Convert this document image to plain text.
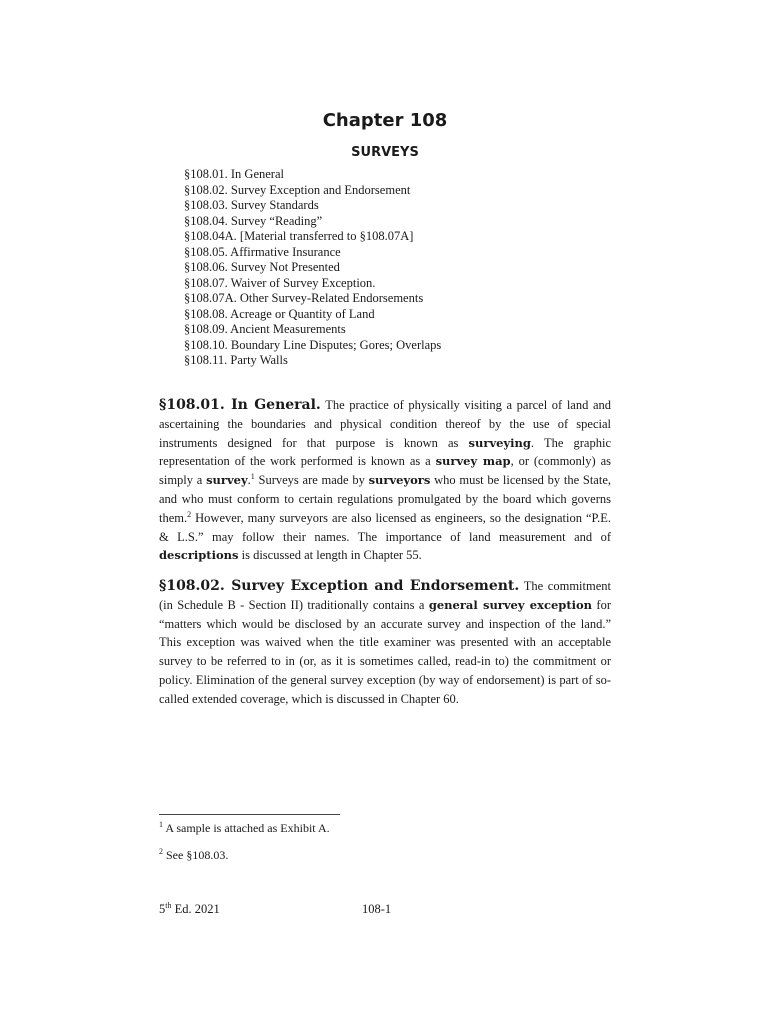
Chapter 108
SURVEYS
§108.01. In General
§108.02. Survey Exception and Endorsement
§108.03. Survey Standards
§108.04. Survey “Reading”
§108.04A. [Material transferred to §108.07A]
§108.05. Affirmative Insurance
§108.06. Survey Not Presented
§108.07. Waiver of Survey Exception.
§108.07A. Other Survey-Related Endorsements
§108.08. Acreage or Quantity of Land
§108.09. Ancient Measurements
§108.10. Boundary Line Disputes; Gores; Overlaps
§108.11. Party Walls

§108.01. In General. The practice of physically visiting a parcel of land and ascertaining the boundaries and physical condition thereof by the use of special instruments designed for that purpose is known as surveying. The graphic representation of the work performed is known as a survey map, or (commonly) as simply a survey.$^1$ Surveys are made by surveyors who must be licensed by the State, and who must conform to certain regulations promulgated by the board which governs them.$^2$ However, many surveyors are also licensed as engineers, so the designation “P.E. & L.S.” may follow their names. The importance of land measurement and of descriptions is discussed at length in Chapter 55.

§108.02. Survey Exception and Endorsement. The commitment (in Schedule B - Section II) traditionally contains a general survey exception for “matters which would be disclosed by an accurate survey and inspection of the land.” This exception was waived when the title examiner was presented with an acceptable survey to be referred to in (or, as it is sometimes called, read-in to) the commitment or policy. Elimination of the general survey exception (by way of endorsement) is part of so-called extended coverage, which is discussed in Chapter 60.

$^1$ A sample is attached as Exhibit A.
$^2$ See §108.03.
5th Ed. 2021	108-1
